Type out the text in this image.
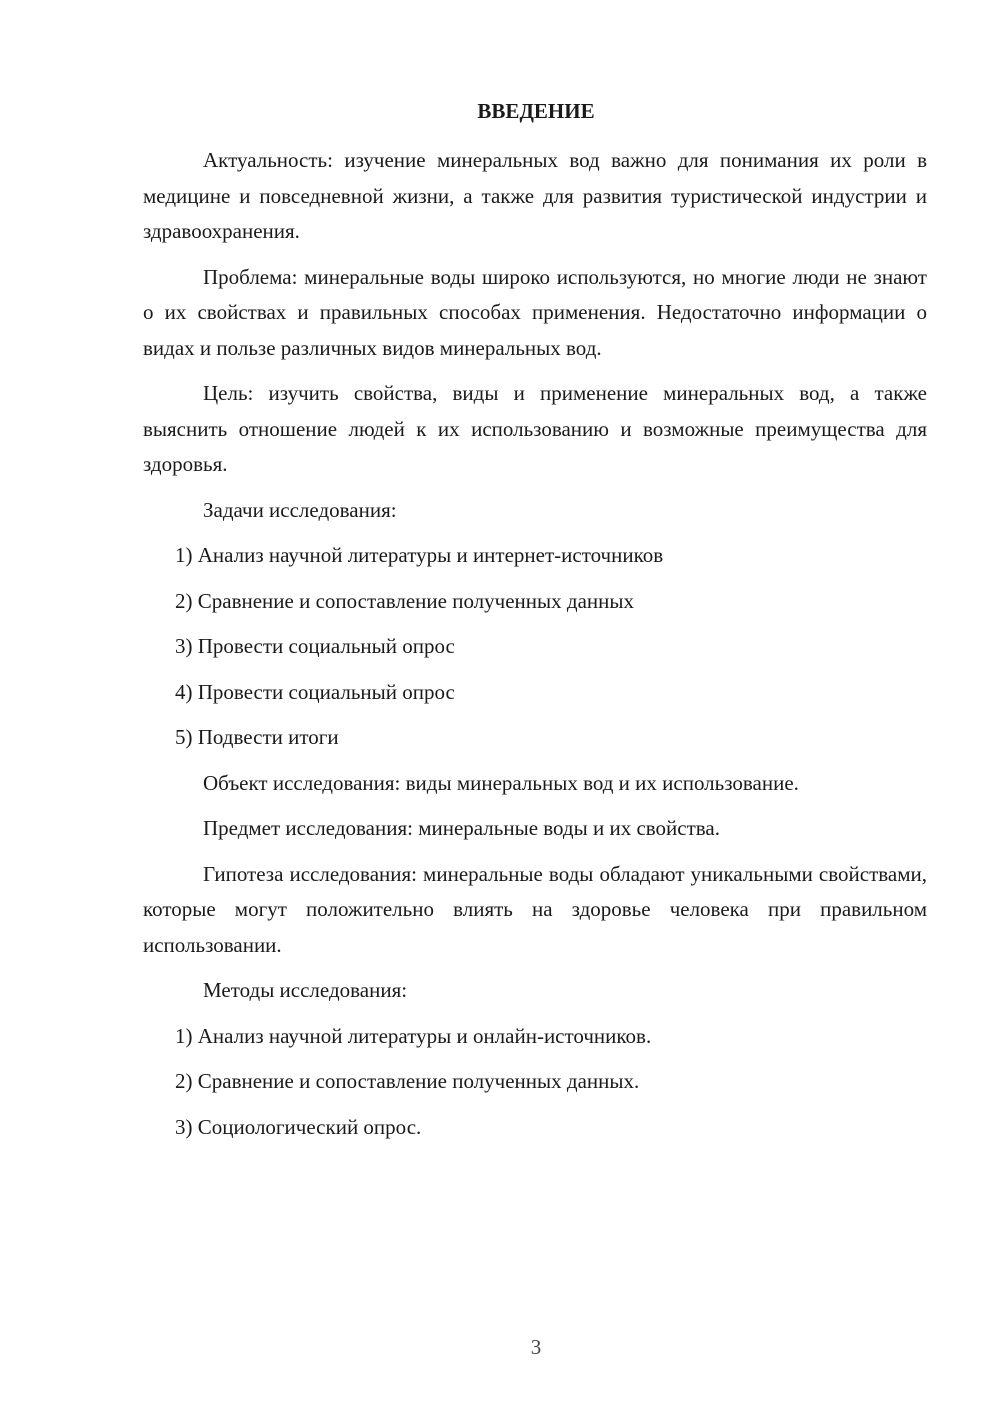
ВВЕДЕНИЕ

Актуальность: изучение минеральных вод важно для понимания их роли в медицине и повседневной жизни, а также для развития туристической индустрии и здравоохранения.

Проблема: минеральные воды широко используются, но многие люди не знают о их свойствах и правильных способах применения. Недостаточно информации о видах и пользе различных видов минеральных вод.

Цель: изучить свойства, виды и применение минеральных вод, а также выяснить отношение людей к их использованию и возможные преимущества для здоровья.

Задачи исследования:

1) Анализ научной литературы и интернет-источников

2) Сравнение и сопоставление полученных данных

3) Провести социальный опрос

4) Провести социальный опрос

5) Подвести итоги

Объект исследования: виды минеральных вод и их использование.

Предмет исследования: минеральные воды и их свойства.

Гипотеза исследования: минеральные воды обладают уникальными свойствами, которые могут положительно влиять на здоровье человека при правильном использовании.

Методы исследования:

1) Анализ научной литературы и онлайн-источников.

2) Сравнение и сопоставление полученных данных.

3) Социологический опрос.

3
